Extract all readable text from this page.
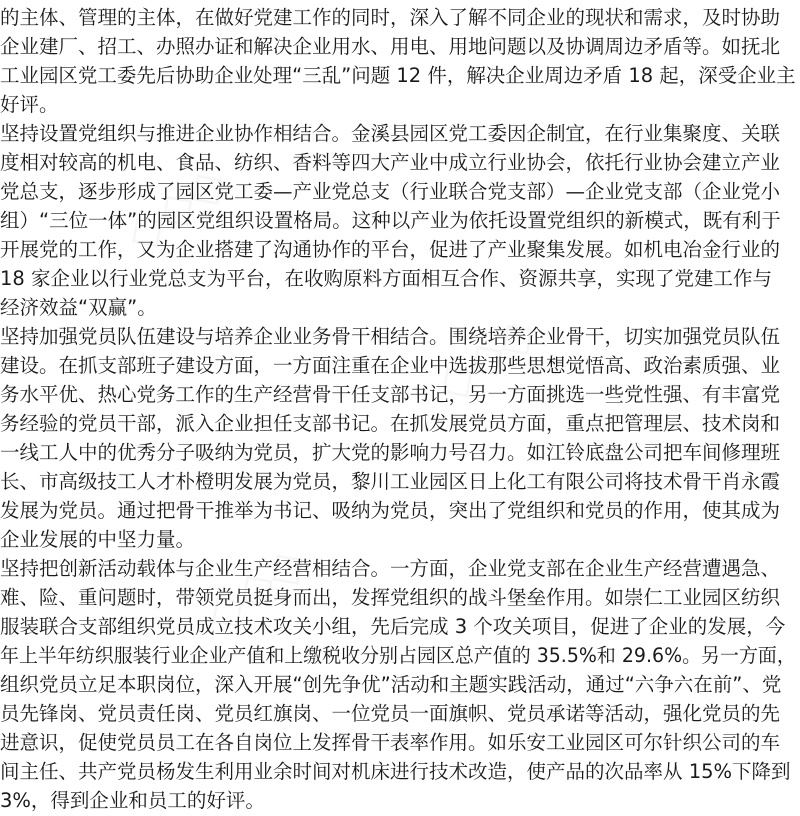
的主体、管理的主体，在做好党建工作的同时，深入了解不同企业的现状和需求，及时协助
企业建厂、招工、办照办证和解决企业用水、用电、用地问题以及协调周边矛盾等。如抚北
工业园区党工委先后协助企业处理“三乱”问题 12 件，解决企业周边矛盾 18 起，深受企业主
好评。
坚持设置党组织与推进企业协作相结合。金溪县园区党工委因企制宜，在行业集聚度、关联
度相对较高的机电、食品、纺织、香料等四大产业中成立行业协会，依托行业协会建立产业
党总支，逐步形成了园区党工委—产业党总支（行业联合党支部）—企业党支部（企业党小
组）“三位一体”的园区党组织设置格局。这种以产业为依托设置党组织的新模式，既有利于
开展党的工作，又为企业搭建了沟通协作的平台，促进了产业聚集发展。如机电冶金行业的
18 家企业以行业党总支为平台，在收购原料方面相互合作、资源共享，实现了党建工作与
经济效益“双赢”。
坚持加强党员队伍建设与培养企业业务骨干相结合。围绕培养企业骨干，切实加强党员队伍
建设。在抓支部班子建设方面，一方面注重在企业中选拔那些思想觉悟高、政治素质强、业
务水平优、热心党务工作的生产经营骨干任支部书记，另一方面挑选一些党性强、有丰富党
务经验的党员干部，派入企业担任支部书记。在抓发展党员方面，重点把管理层、技术岗和
一线工人中的优秀分子吸纳为党员，扩大党的影响力号召力。如江铃底盘公司把车间修理班
长、市高级技工人才朴橙明发展为党员，黎川工业园区日上化工有限公司将技术骨干肖永霞
发展为党员。通过把骨干推举为书记、吸纳为党员，突出了党组织和党员的作用，使其成为
企业发展的中坚力量。
坚持把创新活动载体与企业生产经营相结合。一方面，企业党支部在企业生产经营遭遇急、
难、险、重问题时，带领党员挺身而出，发挥党组织的战斗堡垒作用。如崇仁工业园区纺织
服装联合支部组织党员成立技术攻关小组，先后完成 3 个攻关项目，促进了企业的发展，今
年上半年纺织服装行业企业产值和上缴税收分别占园区总产值的 35.5%和 29.6%。另一方面，
组织党员立足本职岗位，深入开展“创先争优”活动和主题实践活动，通过“六争六在前”、党
员先锋岗、党员责任岗、党员红旗岗、一位党员一面旗帜、党员承诺等活动，强化党员的先
进意识，促使党员员工在各自岗位上发挥骨干表率作用。如乐安工业园区可尔针织公司的车
间主任、共产党员杨发生利用业余时间对机床进行技术改造，使产品的次品率从 15%下降到
3%，得到企业和员工的好评。
